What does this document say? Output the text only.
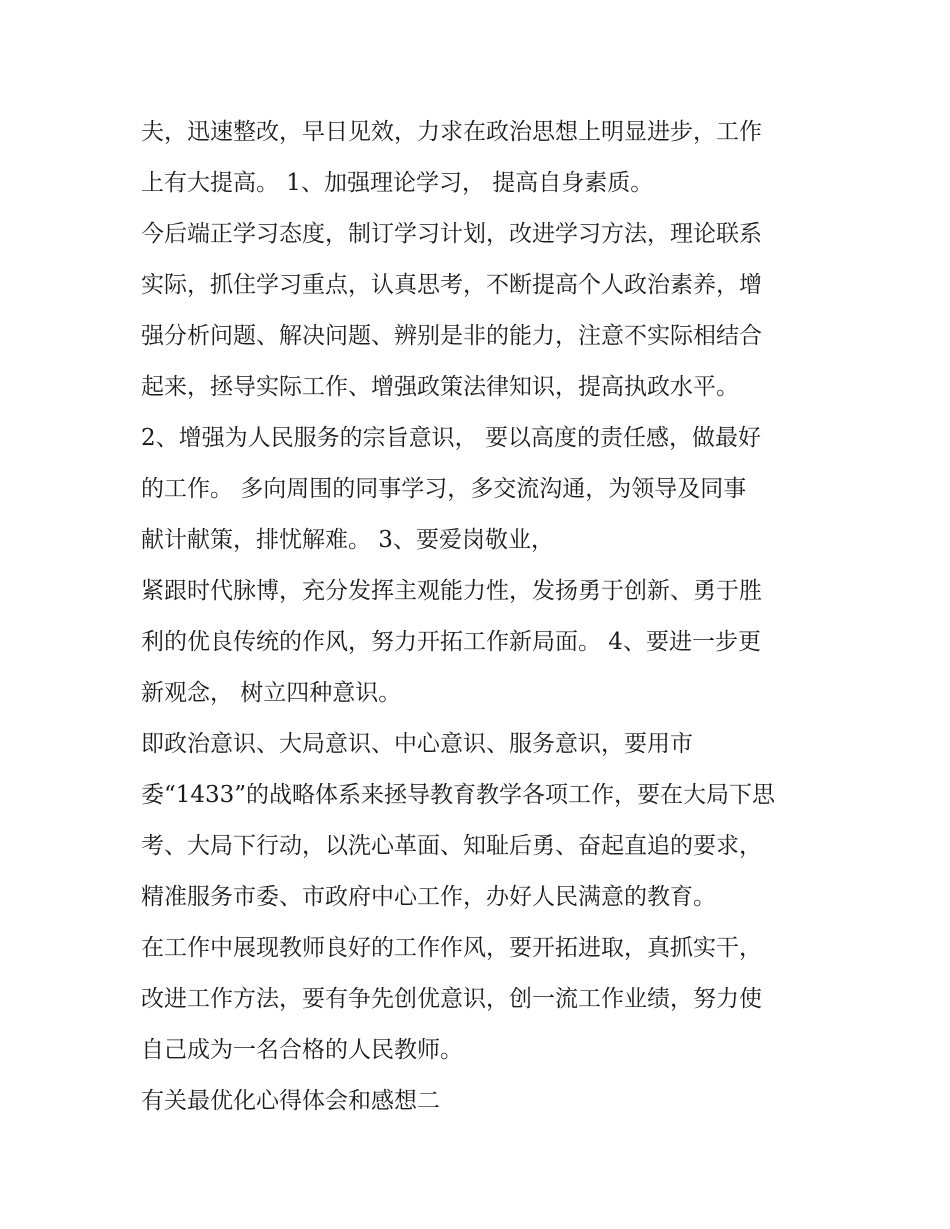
夫，迅速整改，早日见效，力求在政治思想上明显进步，工作
上有大提高。 1、加强理论学习， 提高自身素质。
今后端正学习态度，制订学习计划，改进学习方法，理论联系
实际，抓住学习重点，认真思考，不断提高个人政治素养，增
强分析问题、解决问题、辨别是非的能力，注意不实际相结合
起来，拯导实际工作、增强政策法律知识，提高执政水平。
2、增强为人民服务的宗旨意识， 要以高度的责任感，做最好
的工作。 多向周围的同事学习，多交流沟通，为领导及同事
献计献策，排忧解难。 3、要爱岗敬业，
紧跟时代脉博，充分发挥主观能力性，发扬勇于创新、勇于胜
利的优良传统的作风，努力开拓工作新局面。 4、要进一步更
新观念， 树立四种意识。
即政治意识、大局意识、中心意识、服务意识，要用市
委“1433”的战略体系来拯导教育教学各项工作，要在大局下思
考、大局下行动，以洗心革面、知耻后勇、奋起直追的要求，
精准服务市委、市政府中心工作，办好人民满意的教育。
在工作中展现教师良好的工作作风，要开拓进取，真抓实干，
改进工作方法，要有争先创优意识，创一流工作业绩，努力使
自己成为一名合格的人民教师。
有关最优化心得体会和感想二
